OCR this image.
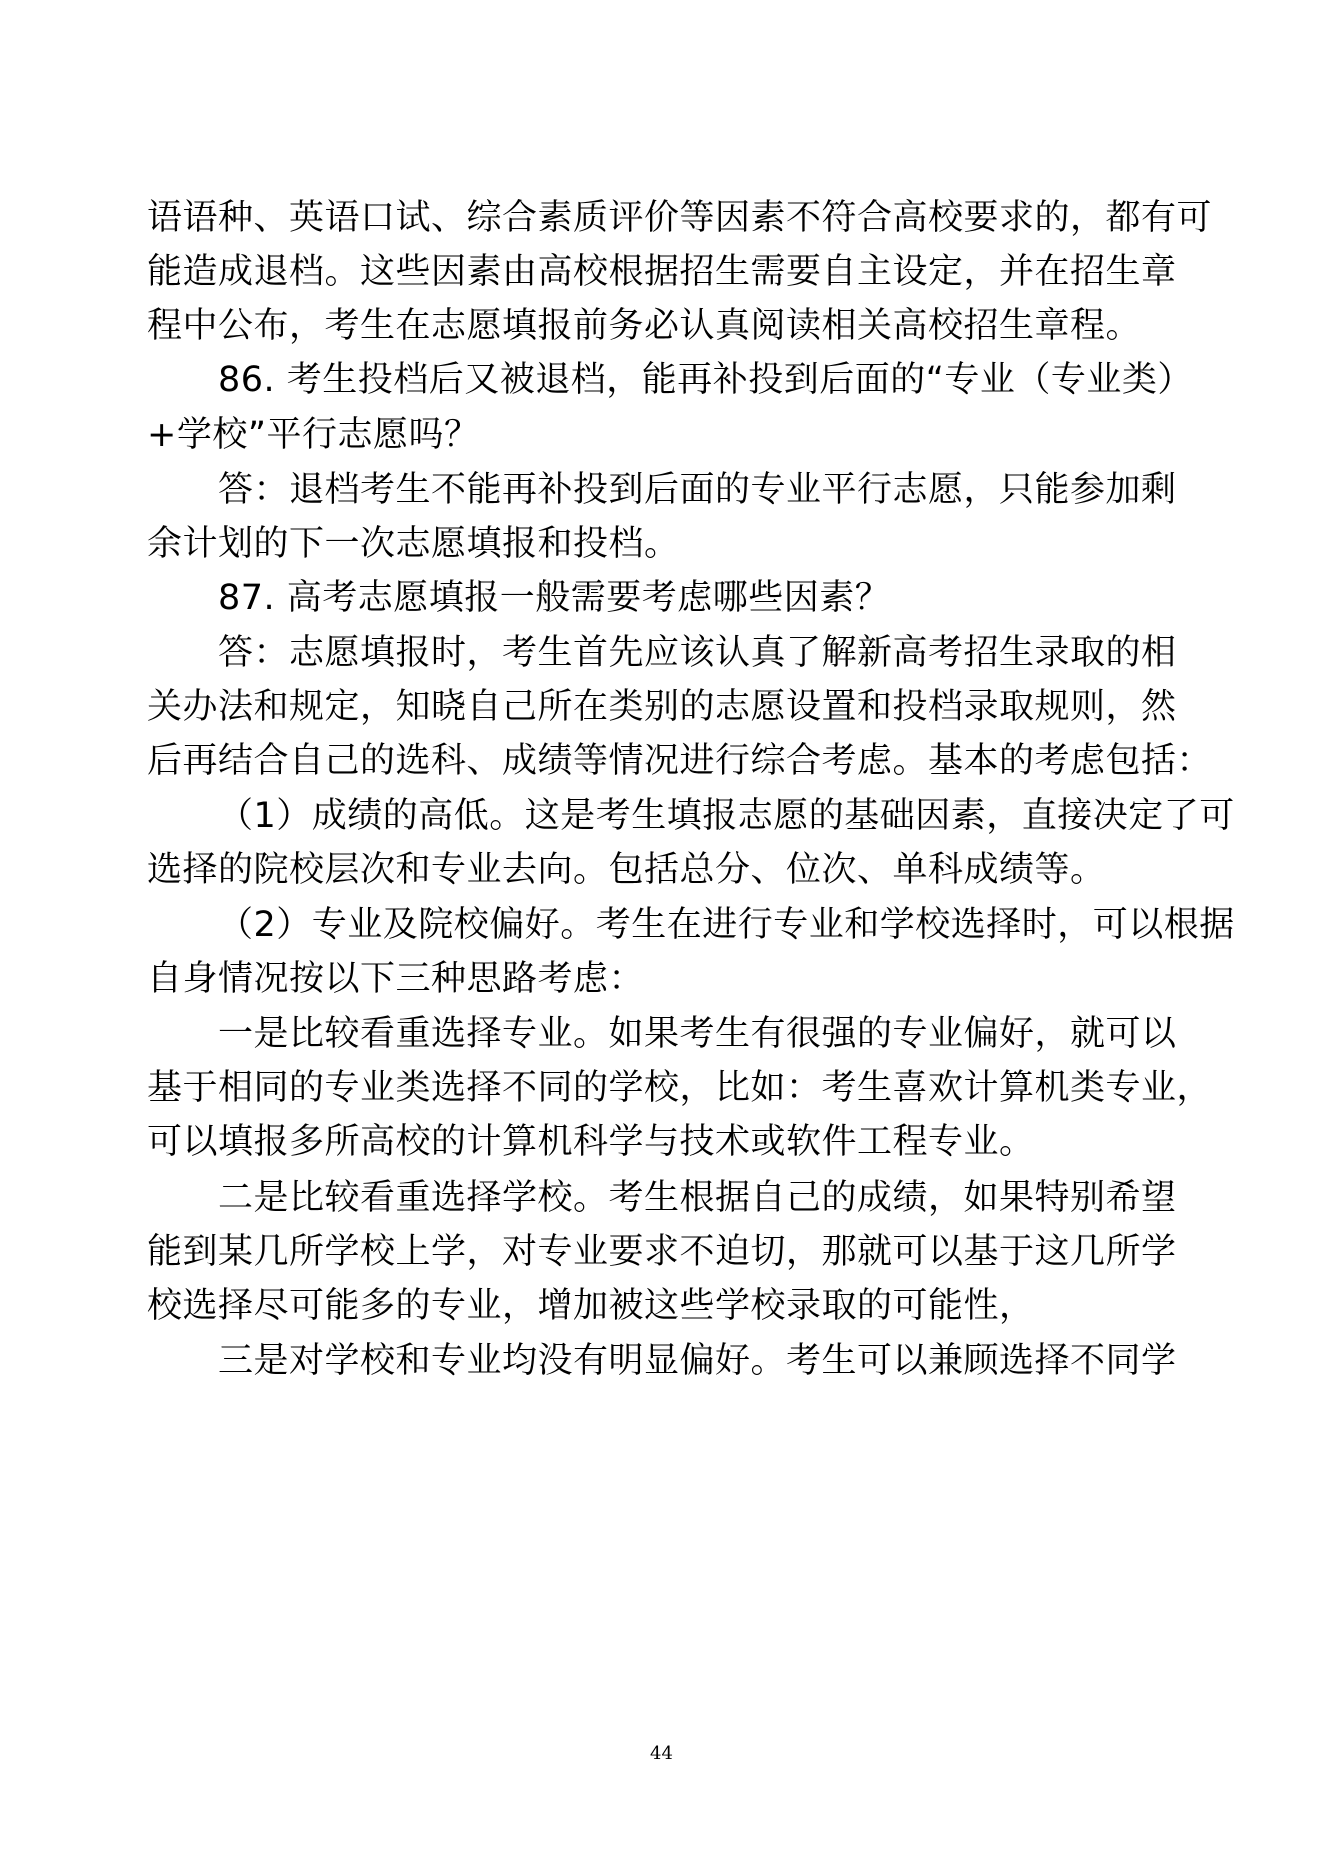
语语种、英语口试、综合素质评价等因素不符合高校要求的，都有可
能造成退档。这些因素由高校根据招生需要自主设定，并在招生章
程中公布，考生在志愿填报前务必认真阅读相关高校招生章程。
86. 考生投档后又被退档，能再补投到后面的“专业（专业类）
+学校”平行志愿吗？
答：退档考生不能再补投到后面的专业平行志愿，只能参加剩
余计划的下一次志愿填报和投档。
87. 高考志愿填报一般需要考虑哪些因素？
答：志愿填报时，考生首先应该认真了解新高考招生录取的相
关办法和规定，知晓自己所在类别的志愿设置和投档录取规则，然
后再结合自己的选科、成绩等情况进行综合考虑。基本的考虑包括：
（1）成绩的高低。这是考生填报志愿的基础因素，直接决定了可
选择的院校层次和专业去向。包括总分、位次、单科成绩等。
（2）专业及院校偏好。考生在进行专业和学校选择时，可以根据
自身情况按以下三种思路考虑：
一是比较看重选择专业。如果考生有很强的专业偏好，就可以
基于相同的专业类选择不同的学校，比如：考生喜欢计算机类专业，
可以填报多所高校的计算机科学与技术或软件工程专业。
二是比较看重选择学校。考生根据自己的成绩，如果特别希望
能到某几所学校上学，对专业要求不迫切，那就可以基于这几所学
校选择尽可能多的专业，增加被这些学校录取的可能性，
三是对学校和专业均没有明显偏好。考生可以兼顾选择不同学
44
